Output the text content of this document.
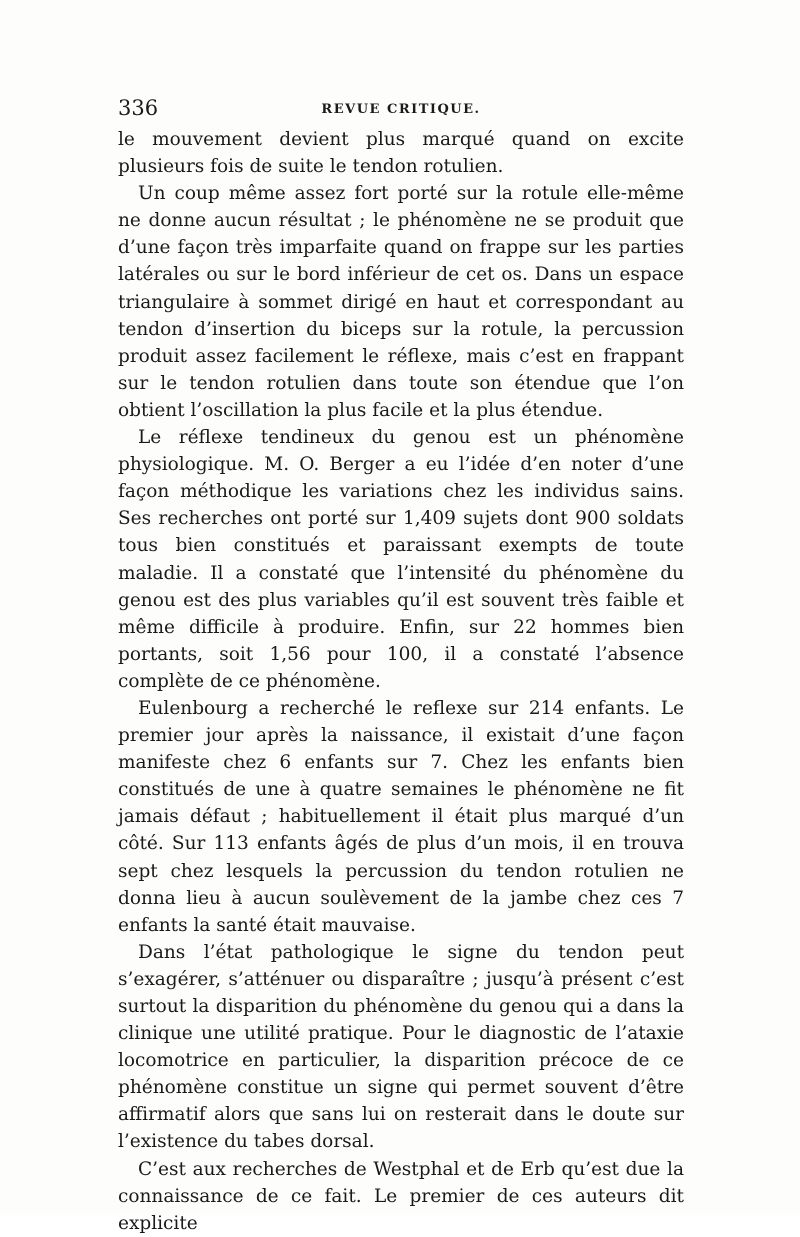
336	REVUE CRITIQUE.

le mouvement devient plus marqué quand on excite plusieurs fois de suite le tendon rotulien.

Un coup même assez fort porté sur la rotule elle-même ne donne aucun résultat ; le phénomène ne se produit que d’une façon très imparfaite quand on frappe sur les parties latérales ou sur le bord inférieur de cet os. Dans un espace triangulaire à sommet dirigé en haut et correspondant au tendon d’insertion du biceps sur la rotule, la percussion produit assez facilement le réflexe, mais c’est en frappant sur le tendon rotulien dans toute son étendue que l’on obtient l’oscillation la plus facile et la plus étendue.

Le réflexe tendineux du genou est un phénomène physiologique. M. O. Berger a eu l’idée d’en noter d’une façon méthodique les variations chez les individus sains. Ses recherches ont porté sur 1,409 sujets dont 900 soldats tous bien constitués et paraissant exempts de toute maladie. Il a constaté que l’intensité du phénomène du genou est des plus variables qu’il est souvent très faible et même difficile à produire. Enfin, sur 22 hommes bien portants, soit 1,56 pour 100, il a constaté l’absence complète de ce phénomène.

Eulenbourg a recherché le reflexe sur 214 enfants. Le premier jour après la naissance, il existait d’une façon manifeste chez 6 enfants sur 7. Chez les enfants bien constitués de une à quatre semaines le phénomène ne fit jamais défaut ; habituellement il était plus marqué d’un côté. Sur 113 enfants âgés de plus d’un mois, il en trouva sept chez lesquels la percussion du tendon rotulien ne donna lieu à aucun soulèvement de la jambe chez ces 7 enfants la santé était mauvaise.

Dans l’état pathologique le signe du tendon peut s’exagérer, s’atténuer ou disparaître ; jusqu’à présent c’est surtout la disparition du phénomène du genou qui a dans la clinique une utilité pratique. Pour le diagnostic de l’ataxie locomotrice en particulier, la disparition précoce de ce phénomène constitue un signe qui permet souvent d’être affirmatif alors que sans lui on resterait dans le doute sur l’existence du tabes dorsal.

C’est aux recherches de Westphal et de Erb qu’est due la connaissance de ce fait. Le premier de ces auteurs dit explicite
